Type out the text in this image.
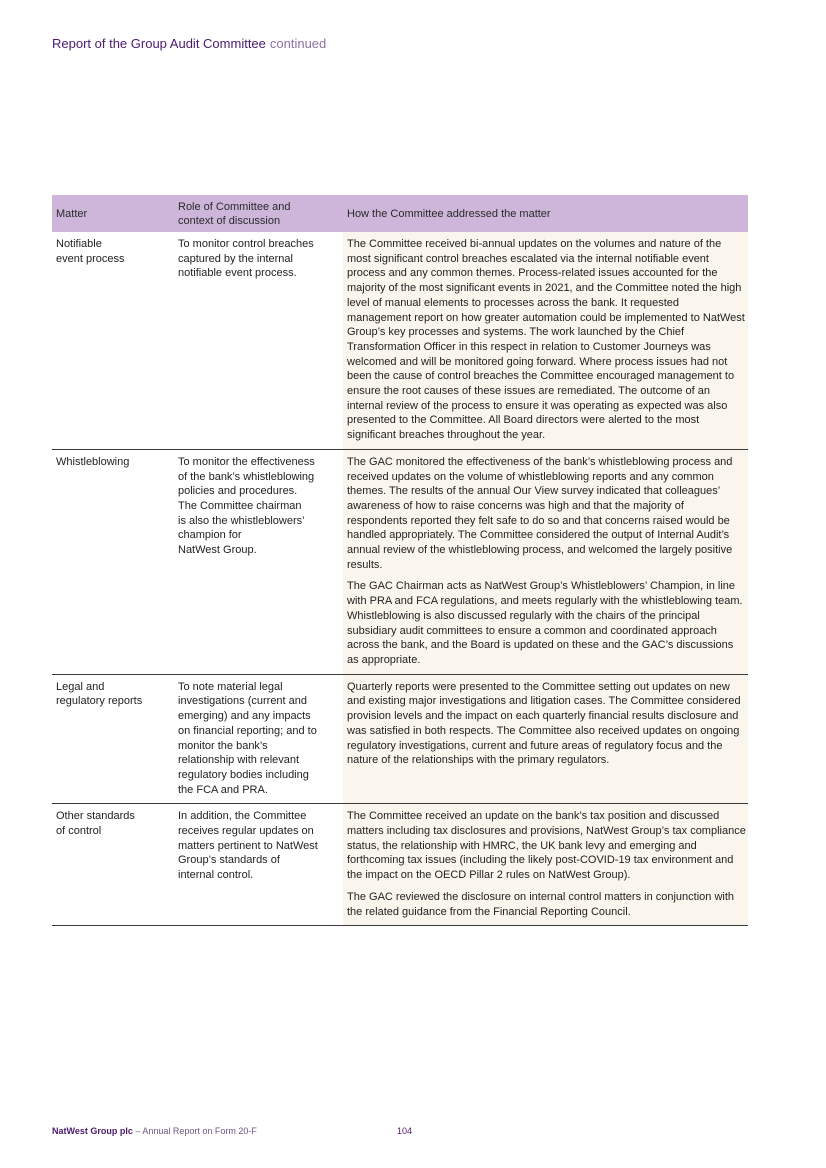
Report of the Group Audit Committee continued
Matter
Role of Committee and
context of discussion
How the Committee addressed the matter
Notifiable
event process
To monitor control breaches
captured by the internal
notifiable event process.

The Committee received bi-annual updates on the volumes and nature of the most significant control breaches escalated via the internal notifiable event process and any common themes. Process-related issues accounted for the majority of the most significant events in 2021, and the Committee noted the high level of manual elements to processes across the bank. It requested management report on how greater automation could be implemented to NatWest Group’s key processes and systems. The work launched by the Chief Transformation Officer in this respect in relation to Customer Journeys was welcomed and will be monitored going forward. Where process issues had not been the cause of control breaches the Committee encouraged management to ensure the root causes of these issues are remediated. The outcome of an internal review of the process to ensure it was operating as expected was also presented to the Committee. All Board directors were alerted to the most significant breaches throughout the year.

Whistleblowing	To monitor the effectiveness
of the bank’s whistleblowing
policies and procedures.
The Committee chairman
is also the whistleblowers’
champion for
NatWest Group.

The GAC monitored the effectiveness of the bank’s whistleblowing process and received updates on the volume of whistleblowing reports and any common themes. The results of the annual Our View survey indicated that colleagues’ awareness of how to raise concerns was high and that the majority of respondents reported they felt safe to do so and that concerns raised would be handled appropriately. The Committee considered the output of Internal Audit’s annual review of the whistleblowing process, and welcomed the largely positive results.

The GAC Chairman acts as NatWest Group’s Whistleblowers’ Champion, in line with PRA and FCA regulations, and meets regularly with the whistleblowing team. Whistleblowing is also discussed regularly with the chairs of the principal subsidiary audit committees to ensure a common and coordinated approach across the bank, and the Board is updated on these and the GAC’s discussions as appropriate.

Legal and
regulatory reports
To note material legal
investigations (current and
emerging) and any impacts
on financial reporting; and to
monitor the bank’s
relationship with relevant
regulatory bodies including
the FCA and PRA.

Quarterly reports were presented to the Committee setting out updates on new and existing major investigations and litigation cases. The Committee considered provision levels and the impact on each quarterly financial results disclosure and was satisfied in both respects. The Committee also received updates on ongoing regulatory investigations, current and future areas of regulatory focus and the nature of the relationships with the primary regulators.

Other standards
of control
In addition, the Committee
receives regular updates on
matters pertinent to NatWest
Group’s standards of
internal control.

The Committee received an update on the bank’s tax position and discussed matters including tax disclosures and provisions, NatWest Group’s tax compliance status, the relationship with HMRC, the UK bank levy and emerging and forthcoming tax issues (including the likely post-COVID-19 tax environment and the impact on the OECD Pillar 2 rules on NatWest Group).

The GAC reviewed the disclosure on internal control matters in conjunction with the related guidance from the Financial Reporting Council.

NatWest Group plc – Annual Report on Form 20-F	104
